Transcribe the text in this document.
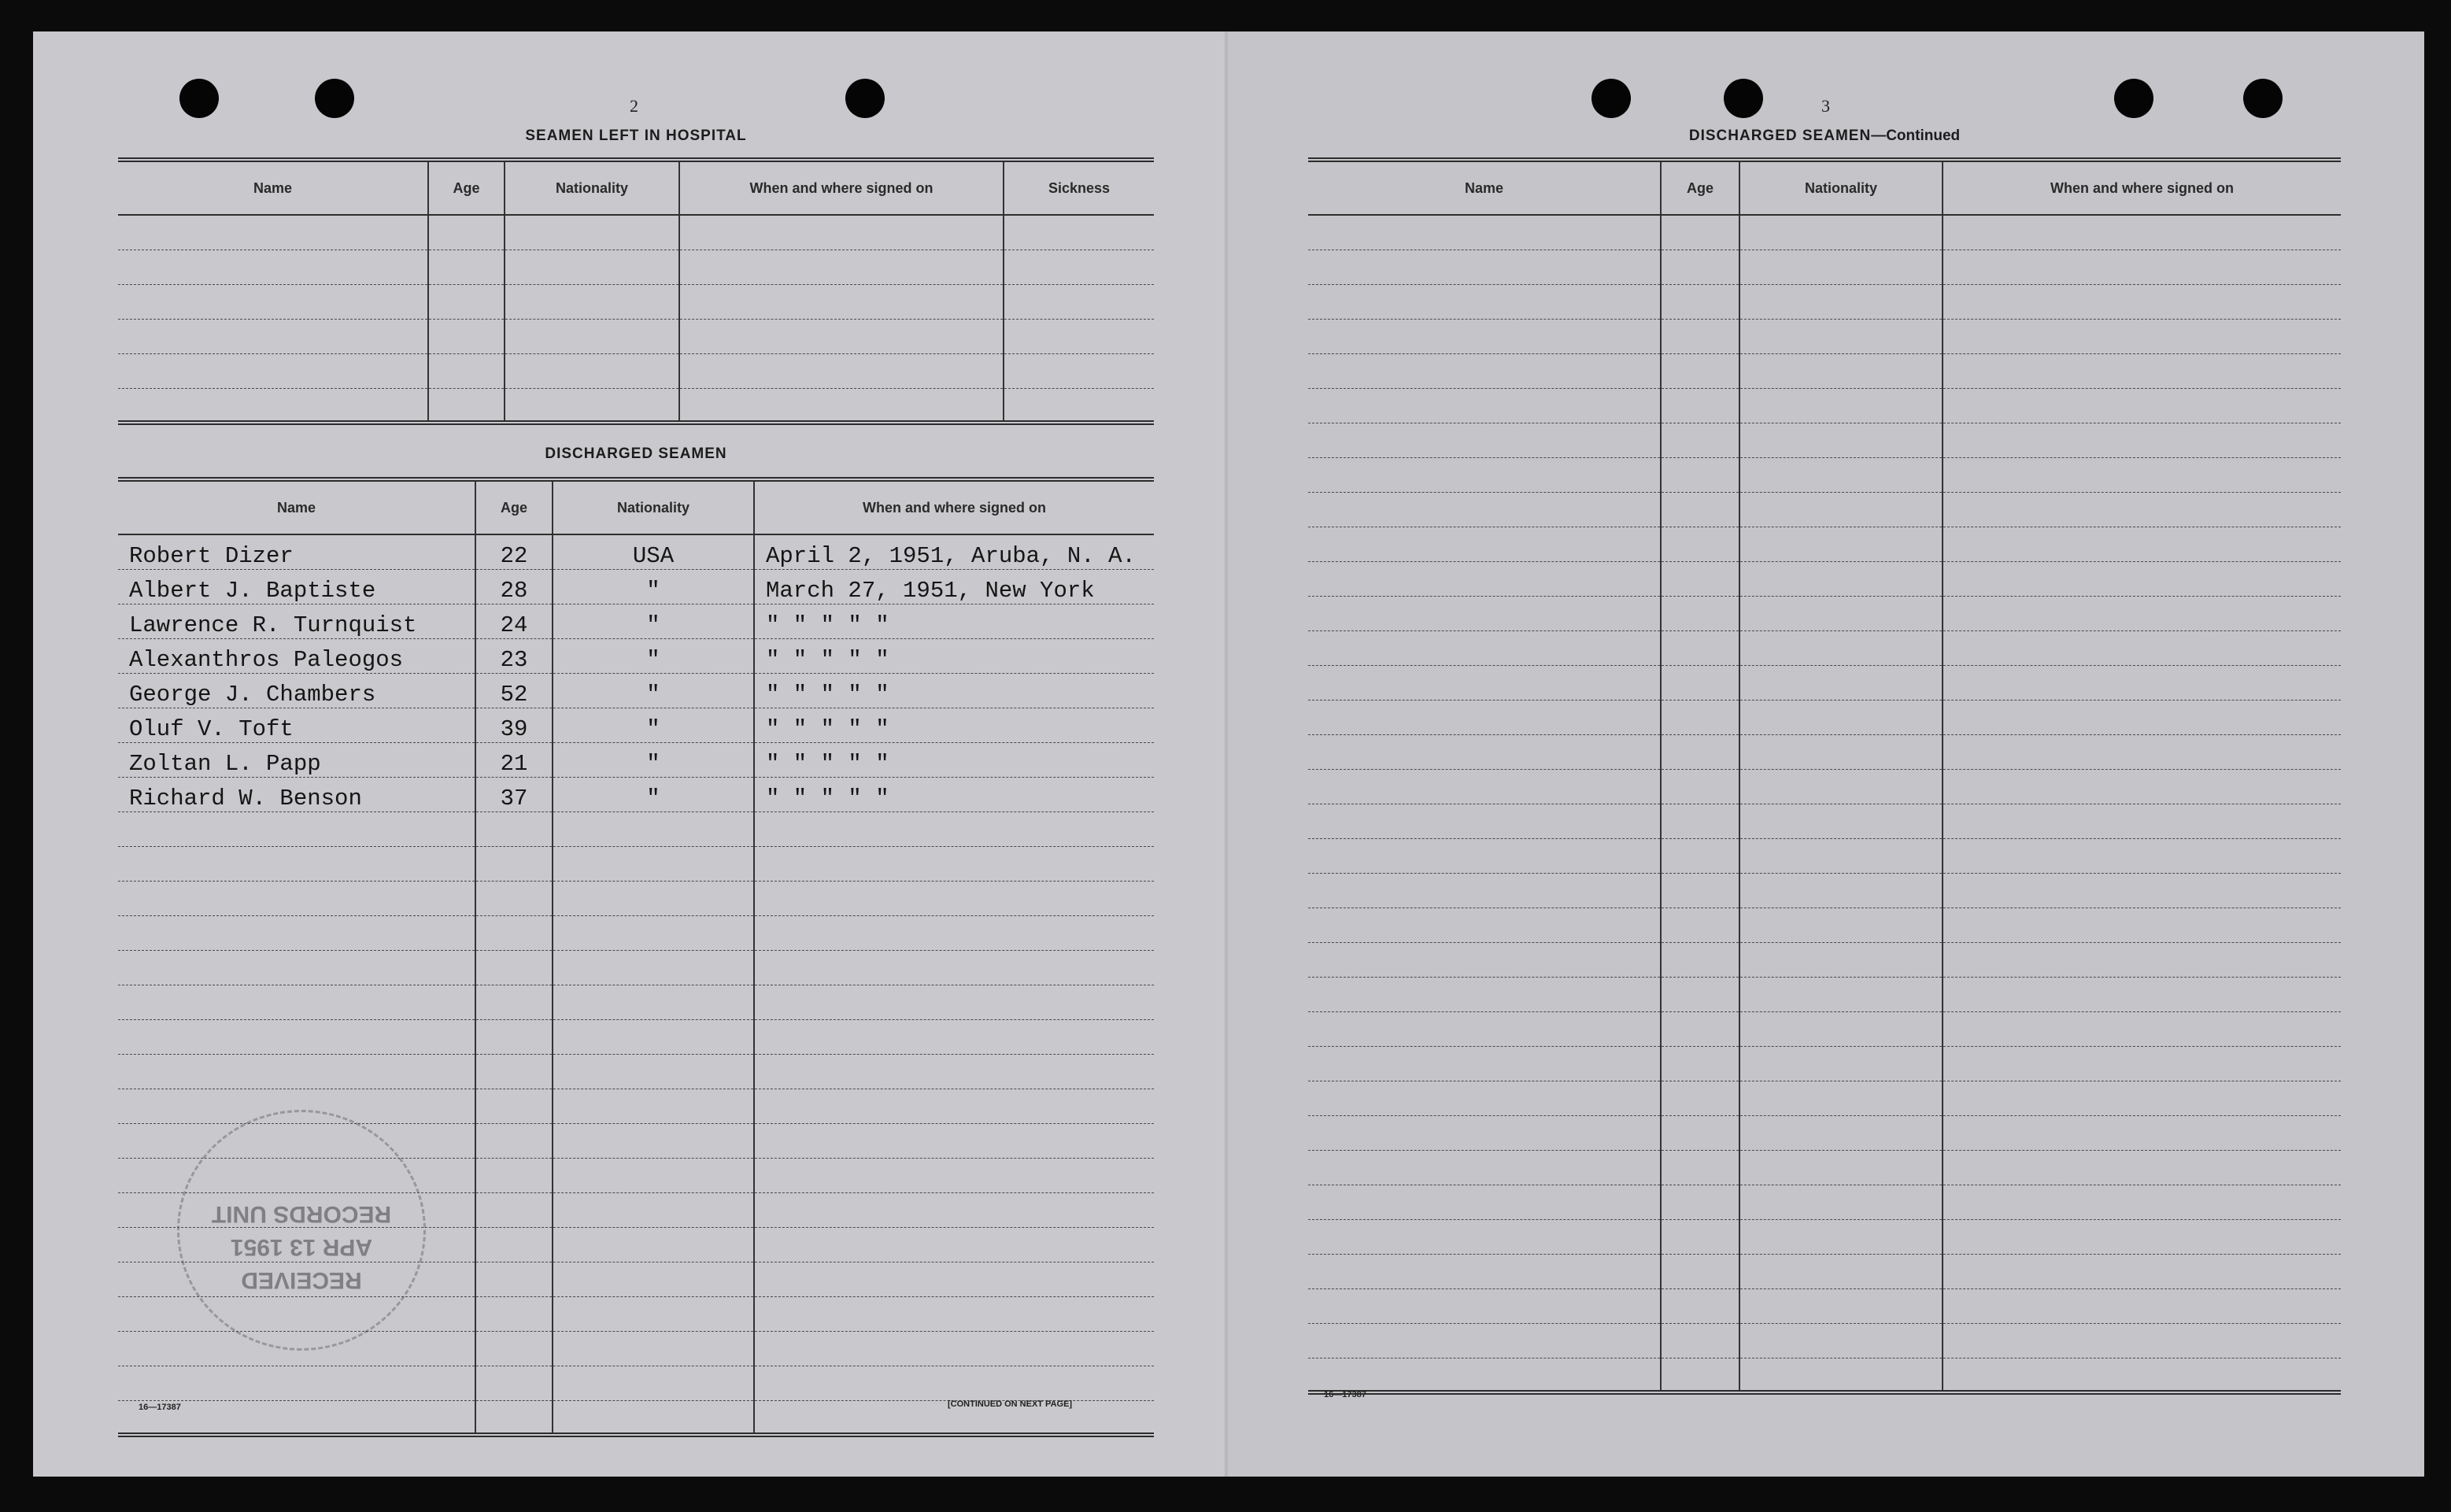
2
SEAMEN LEFT IN HOSPITAL
Name	Age	Nationality	When and where signed on	Sickness

DISCHARGED SEAMEN
Name	Age	Nationality	When and where signed on
Robert Dizer	22	USA	April 2, 1951, Aruba, N. A.
Albert J. Baptiste	28	"	March 27, 1951, New York
Lawrence R. Turnquist	24	"	" " " " "
Alexanthros Paleogos	23	"	" " " " "
George J. Chambers	52	"	" " " " "
Oluf V. Toft	39	"	" " " " "
Zoltan L. Papp	21	"	" " " " "
Richard W. Benson	37	"	" " " " "

RECEIVED
APR 13 1951
RECORDS UNIT
16—17387	[CONTINUED ON NEXT PAGE]
3
DISCHARGED SEAMEN—Continued
Name	Age	Nationality	When and where signed on

16—17387
